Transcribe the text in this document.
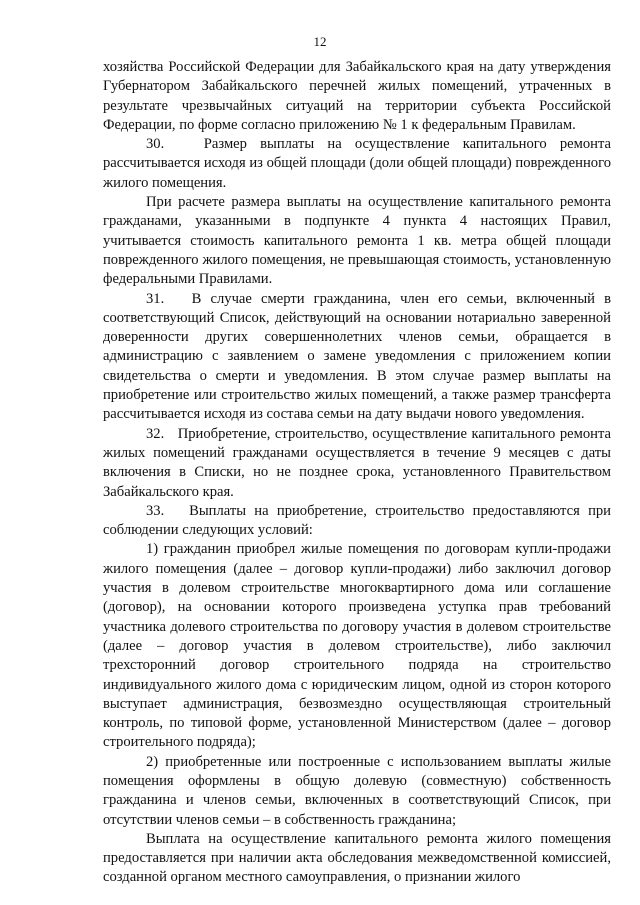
12

хозяйства Российской Федерации для Забайкальского края на дату утверждения Губернатором Забайкальского перечней жилых помещений, утраченных в результате чрезвычайных ситуаций на территории субъекта Российской Федерации, по форме согласно приложению № 1 к федеральным Правилам.

30.   Размер выплаты на осуществление капитального ремонта рассчитывается исходя из общей площади (доли общей площади) поврежденного жилого помещения.

При расчете размера выплаты на осуществление капитального ремонта гражданами, указанными в подпункте 4 пункта 4 настоящих Правил, учитывается стоимость капитального ремонта 1 кв. метра общей площади поврежденного жилого помещения, не превышающая стоимость, установленную федеральными Правилами.

31.   В случае смерти гражданина, член его семьи, включенный в соответствующий Список, действующий на основании нотариально заверенной доверенности других совершеннолетних членов семьи, обращается в администрацию с заявлением о замене уведомления с приложением копии свидетельства о смерти и уведомления. В этом случае размер выплаты на приобретение или строительство жилых помещений, а также размер трансферта рассчитывается исходя из состава семьи на дату выдачи нового уведомления.

32.   Приобретение, строительство, осуществление капитального ремонта жилых помещений гражданами осуществляется в течение 9 месяцев с даты включения в Списки, но не позднее срока, установленного Правительством Забайкальского края.

33.   Выплаты на приобретение, строительство предоставляются при соблюдении следующих условий:

1) гражданин приобрел жилые помещения по договорам купли-продажи жилого помещения (далее – договор купли-продажи) либо заключил договор участия в долевом строительстве многоквартирного дома или соглашение (договор), на основании которого произведена уступка прав требований участника долевого строительства по договору участия в долевом строительстве (далее – договор участия в долевом строительстве), либо заключил трехсторонний договор строительного подряда на строительство индивидуального жилого дома с юридическим лицом, одной из сторон которого выступает администрация, безвозмездно осуществляющая строительный контроль, по типовой форме, установленной Министерством (далее – договор строительного подряда);

2) приобретенные или построенные с использованием выплаты жилые помещения оформлены в общую долевую (совместную) собственность гражданина и членов семьи, включенных в соответствующий Список, при отсутствии членов семьи – в собственность гражданина;

Выплата на осуществление капитального ремонта жилого помещения предоставляется при наличии акта обследования межведомственной комиссией, созданной органом местного самоуправления, о признании жилого
